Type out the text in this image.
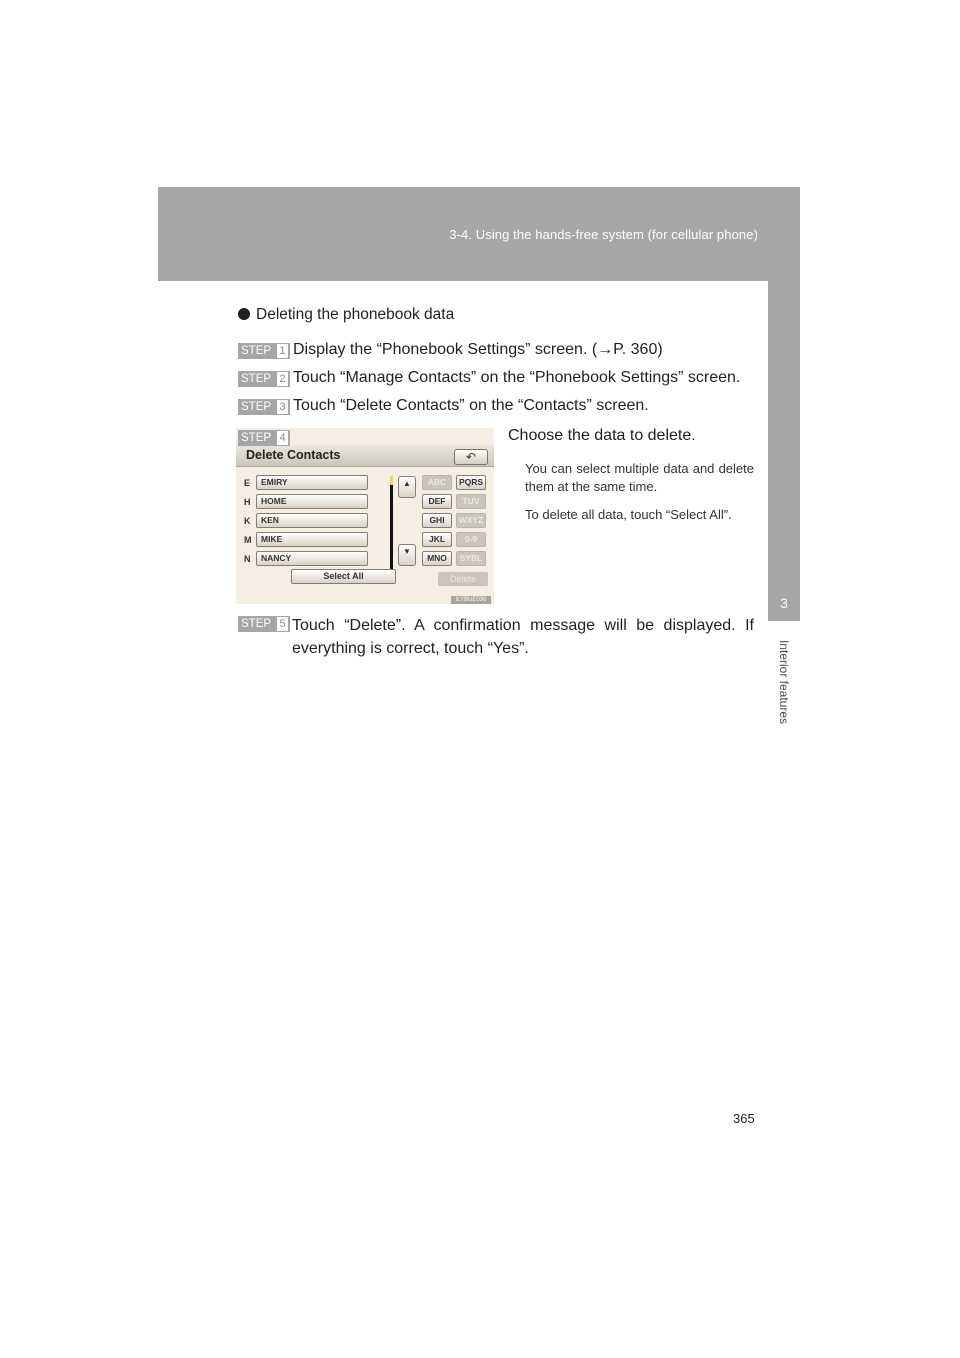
3-4. Using the hands-free system (for cellular phone)
3
Interior features
Deleting the phonebook data
STEP 1 Display the “Phonebook Settings” screen. (→P. 360)
STEP 2 Touch “Manage Contacts” on the “Phonebook Settings” screen.
STEP 3 Touch “Delete Contacts” on the “Contacts” screen.
Delete Contacts	↶
E	EMIRY
H	HOME
K	KEN
M	MIKE
N	NANCY
▲
▼
ABC	PQRS
DEF	TUV
GHI	WXYZ
JKL	0-9
MNO	SYBL
Select All	Delete
ILYBUE036
STEP 4	Choose the data to delete.
You can select multiple data and delete them at the same time.
To delete all data, touch “Select All”.
STEP 5 Touch “Delete”. A confirmation message will be displayed. If everything is correct, touch “Yes”.
365
